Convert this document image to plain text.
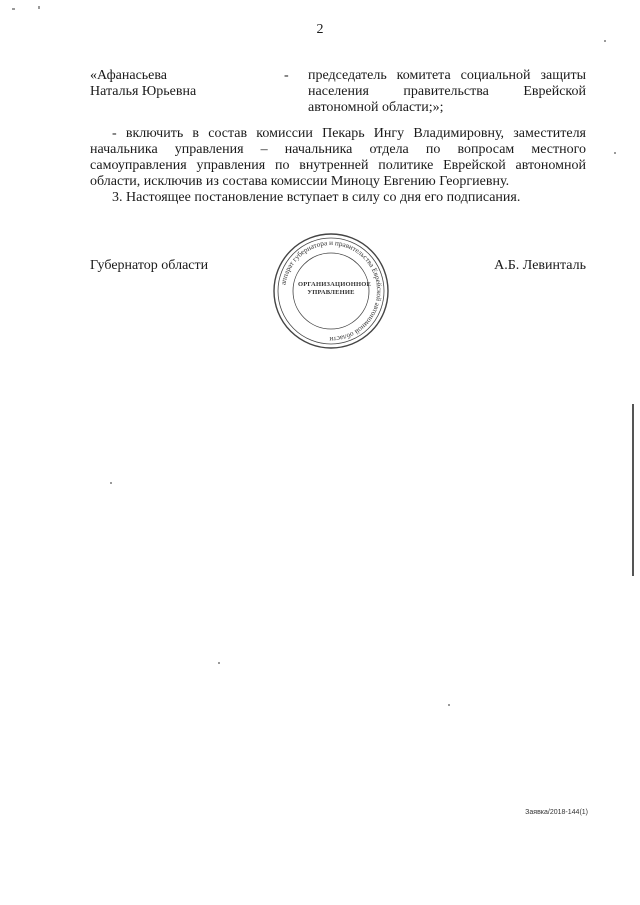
2
«Афанасьева
Наталья Юрьевна
- председатель комитета социальной защиты
населения правительства Еврейской
автономной области;»;
- включить в состав комиссии Пекарь Ингу Владимировну, заместителя
начальника управления – начальника отдела по вопросам местного
самоуправления управления по внутренней политике Еврейской автономной
области, исключив из состава комиссии Миноцу Евгению Георгиевну.
3. Настоящее постановление вступает в силу со дня его подписания.
Губернатор области	А.Б. Левинталь
аппарат губернатора и правительства Еврейской автономной области
ОРГАНИЗАЦИОННОЕ
УПРАВЛЕНИЕ
Заявка/2018-144(1)
